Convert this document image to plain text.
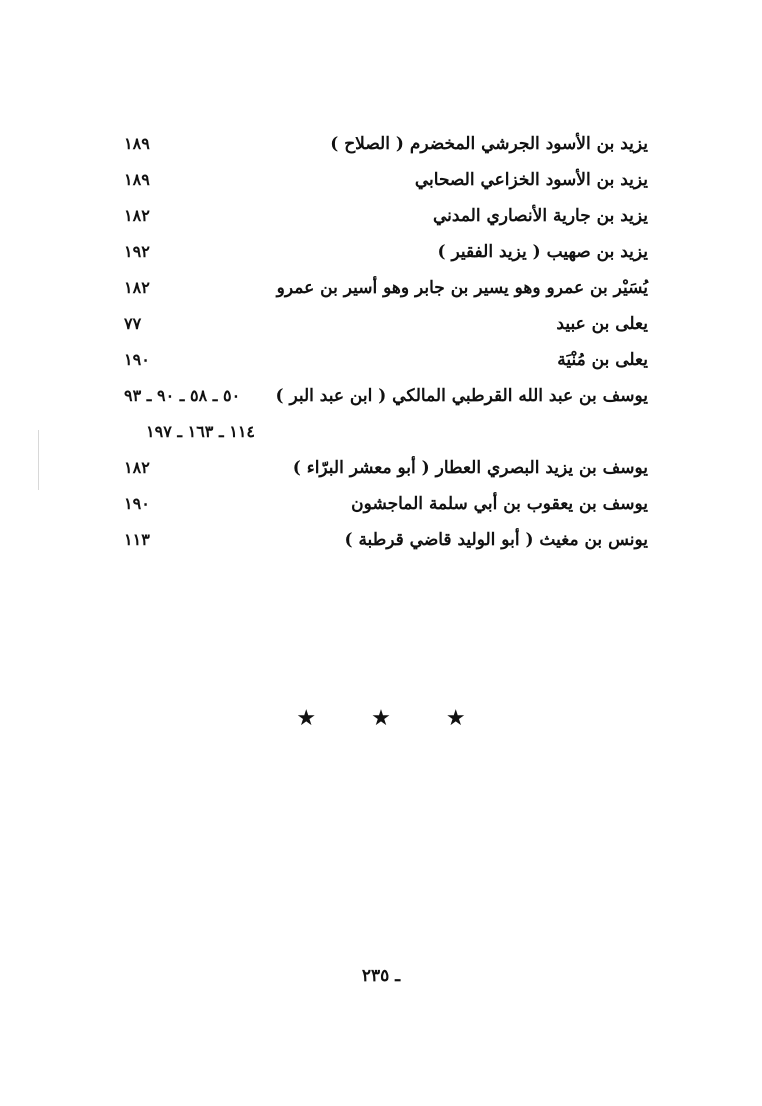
يزيد بن الأسود الجرشي المخضرم ( الصلاح )
١٨٩
يزيد بن الأسود الخزاعي الصحابي
١٨٩
يزيد بن جارية الأنصاري المدني
١٨٢
يزيد بن صهيب ( يزيد الفقير )
١٩٢
يُسَيْر بن عمرو وهو يسير بن جابر وهو أسير بن عمرو
١٨٢
يعلى بن عبيد
٧٧
يعلى بن مُنْيَة
١٩٠
يوسف بن عبد الله القرطبي المالكي ( ابن عبد البر )
٥٠ ـ ٥٨ ـ ٩٠ ـ ٩٣
١١٤ ـ ١٦٣ ـ ١٩٧
يوسف بن يزيد البصري العطار ( أبو معشر البرّاء )
١٨٢
يوسف بن يعقوب بن أبي سلمة الماجشون
١٩٠
يونس بن مغيث ( أبو الوليد قاضي قرطبة )
١١٣
★ ★ ★
ـ ٢٣٥
